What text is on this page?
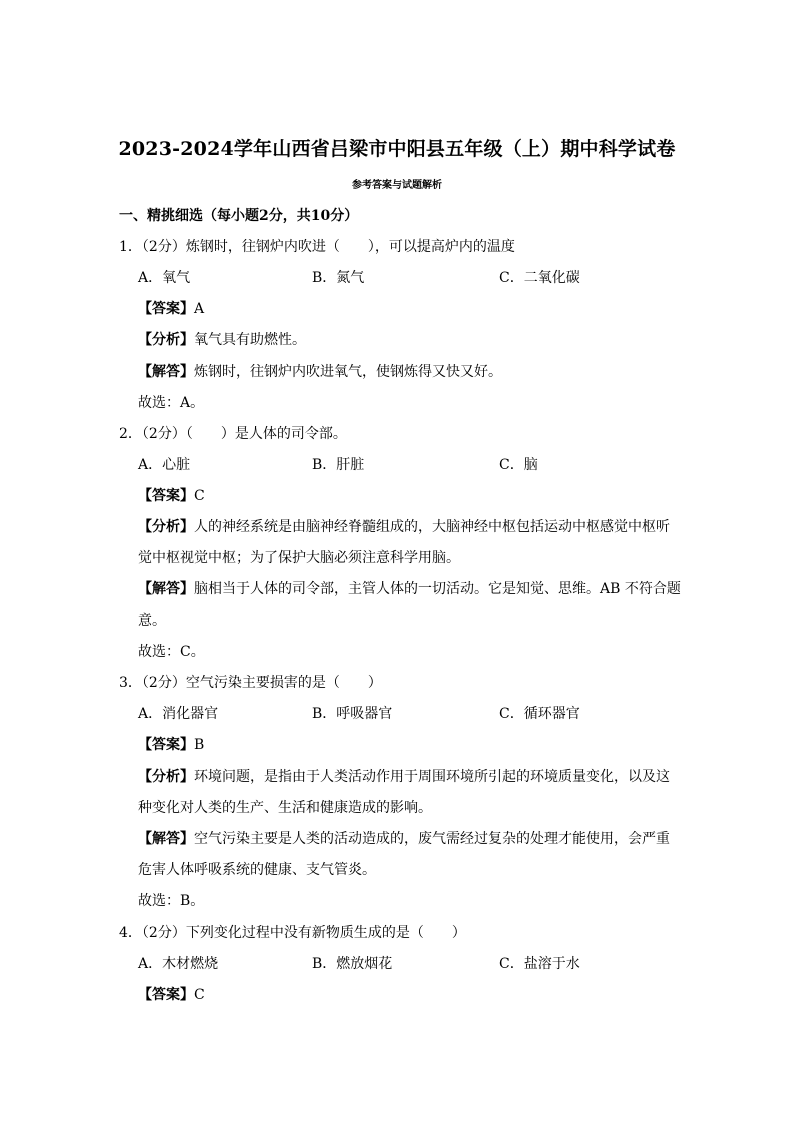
2023-2024学年山西省吕梁市中阳县五年级（上）期中科学试卷
参考答案与试题解析
一、精挑细选（每小题2分，共10分）
1．（2分）炼钢时，往钢炉内吹进（　　），可以提高炉内的温度
A．氧气	B．氮气	C．二氧化碳
【答案】A
【分析】氧气具有助燃性。
【解答】炼钢时，往钢炉内吹进氧气，使钢炼得又快又好。
故选：A。
2．（2分）（　　）是人体的司令部。
A．心脏	B．肝脏	C．脑
【答案】C
【分析】人的神经系统是由脑神经脊髓组成的，大脑神经中枢包括运动中枢感觉中枢听
觉中枢视觉中枢；为了保护大脑必须注意科学用脑。
【解答】脑相当于人体的司令部，主管人体的一切活动。它是知觉、思维。AB 不符合题
意。
故选：C。
3．（2分）空气污染主要损害的是（　　）
A．消化器官	B．呼吸器官	C．循环器官
【答案】B
【分析】环境问题，是指由于人类活动作用于周围环境所引起的环境质量变化，以及这
种变化对人类的生产、生活和健康造成的影响。
【解答】空气污染主要是人类的活动造成的，废气需经过复杂的处理才能使用，会严重
危害人体呼吸系统的健康、支气管炎。
故选：B。
4．（2分）下列变化过程中没有新物质生成的是（　　）
A．木材燃烧	B．燃放烟花	C．盐溶于水
【答案】C
